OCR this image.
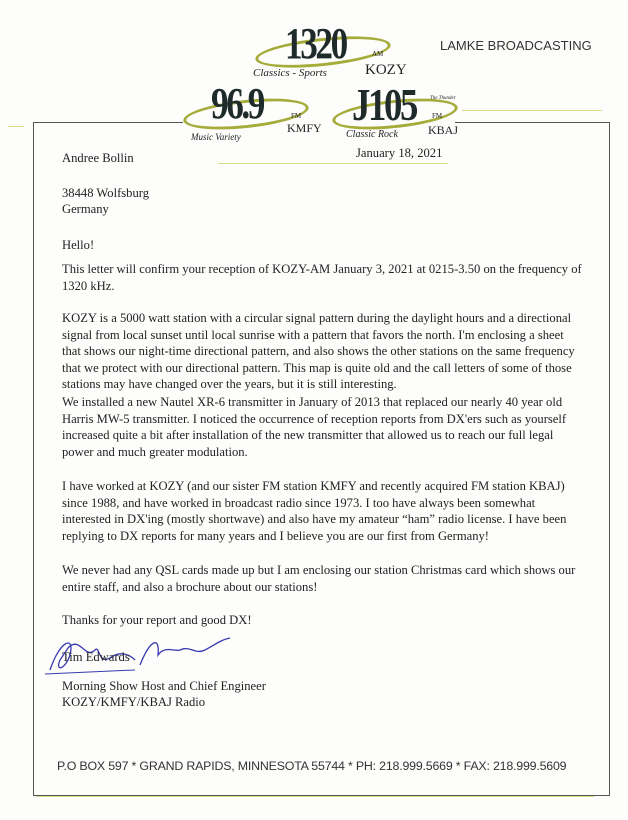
1320	AM
KOZY
Classics - Sports
LAMKE BROADCASTING
96.9	FM
KMFY
Music Variety
J105 FM
The Thunder
KBAJ
Classic Rock
January 18, 2021
Andree Bollin
38448 Wolfsburg
Germany
Hello!
This letter will confirm your reception of KOZY-AM January 3, 2021 at 0215-3.50 on the frequency of
1320 kHz.
KOZY is a 5000 watt station with a circular signal pattern during the daylight hours and a directional
signal from local sunset until local sunrise with a pattern that favors the north. I'm enclosing a sheet
that shows our night-time directional pattern, and also shows the other stations on the same frequency
that we protect with our directional pattern. This map is quite old and the call letters of some of those
stations may have changed over the years, but it is still interesting.
We installed a new Nautel XR-6 transmitter in January of 2013 that replaced our nearly 40 year old
Harris MW-5 transmitter. I noticed the occurrence of reception reports from DX'ers such as yourself
increased quite a bit after installation of the new transmitter that allowed us to reach our full legal
power and much greater modulation.
I have worked at KOZY (and our sister FM station KMFY and recently acquired FM station KBAJ)
since 1988, and have worked in broadcast radio since 1973. I too have always been somewhat
interested in DX'ing (mostly shortwave) and also have my amateur “ham” radio license. I have been
replying to DX reports for many years and I believe you are our first from Germany!
We never had any QSL cards made up but I am enclosing our station Christmas card which shows our
entire staff, and also a brochure about our stations!
Thanks for your report and good DX!
Tim Edwards
Morning Show Host and Chief Engineer
KOZY/KMFY/KBAJ Radio
P.O BOX 597 * GRAND RAPIDS, MINNESOTA 55744 * PH: 218.999.5669 * FAX: 218.999.5609
